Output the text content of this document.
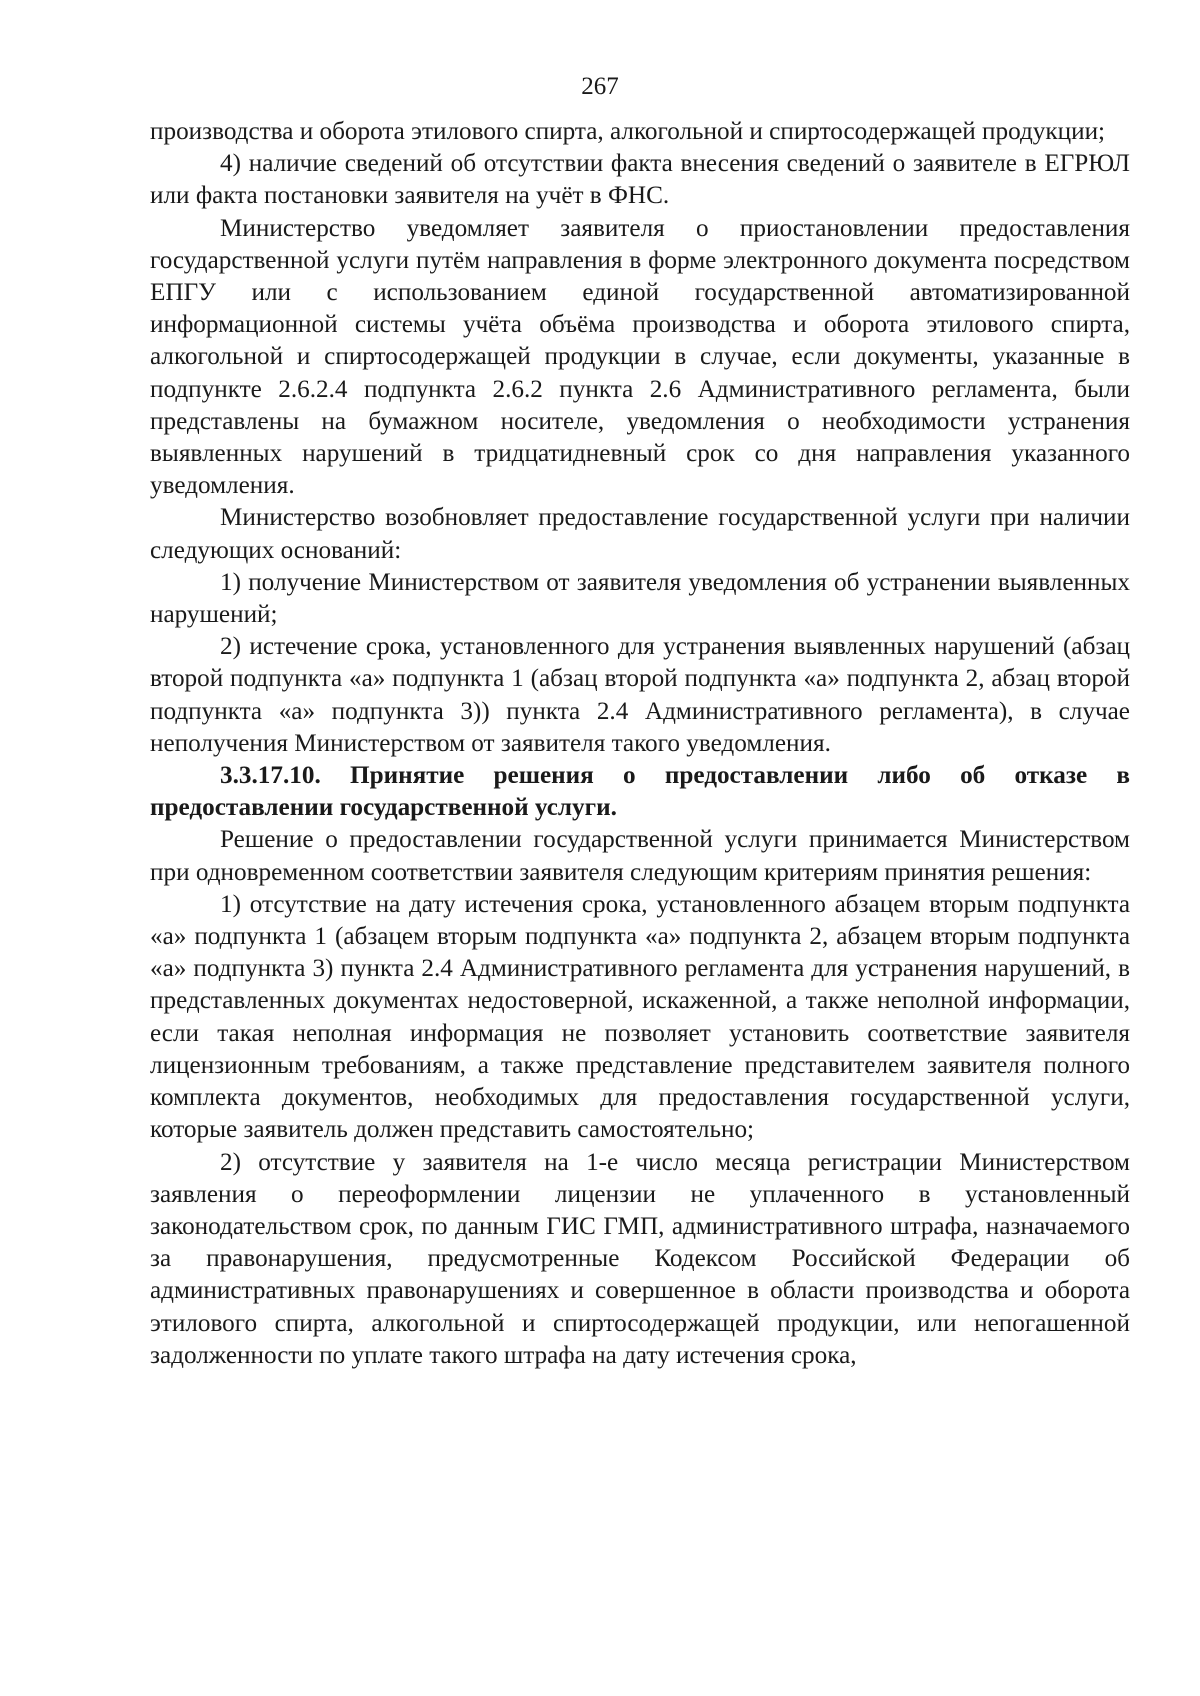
267

производства и оборота этилового спирта, алкогольной и спиртосодержащей продукции;

4) наличие сведений об отсутствии факта внесения сведений о заявителе в ЕГРЮЛ или факта постановки заявителя на учёт в ФНС.

Министерство уведомляет заявителя о приостановлении предоставления государственной услуги путём направления в форме электронного документа посредством ЕПГУ или с использованием единой государственной автоматизированной информационной системы учёта объёма производства и оборота этилового спирта, алкогольной и спиртосодержащей продукции в случае, если документы, указанные в подпункте 2.6.2.4 подпункта 2.6.2 пункта 2.6 Административного регламента, были представлены на бумажном носителе, уведомления о необходимости устранения выявленных нарушений в тридцатидневный срок со дня направления указанного уведомления.

Министерство возобновляет предоставление государственной услуги при наличии следующих оснований:

1) получение Министерством от заявителя уведомления об устранении выявленных нарушений;

2) истечение срока, установленного для устранения выявленных нарушений (абзац второй подпункта «а» подпункта 1 (абзац второй подпункта «а» подпункта 2, абзац второй подпункта «а» подпункта 3)) пункта 2.4 Административного регламента), в случае неполучения Министерством от заявителя такого уведомления.

3.3.17.10. Принятие решения о предоставлении либо об отказе в предоставлении государственной услуги.

Решение о предоставлении государственной услуги принимается Министерством при одновременном соответствии заявителя следующим критериям принятия решения:

1) отсутствие на дату истечения срока, установленного абзацем вторым подпункта «а» подпункта 1 (абзацем вторым подпункта «а» подпункта 2, абзацем вторым подпункта «а» подпункта 3) пункта 2.4 Административного регламента для устранения нарушений, в представленных документах недостоверной, искаженной, а также неполной информации, если такая неполная информация не позволяет установить соответствие заявителя лицензионным требованиям, а также представление представителем заявителя полного комплекта документов, необходимых для предоставления государственной услуги, которые заявитель должен представить самостоятельно;

2) отсутствие у заявителя на 1-е число месяца регистрации Министерством заявления о переоформлении лицензии не уплаченного в установленный законодательством срок, по данным ГИС ГМП, административного штрафа, назначаемого за правонарушения, предусмотренные Кодексом Российской Федерации об административных правонарушениях и совершенное в области производства и оборота этилового спирта, алкогольной и спиртосодержащей продукции, или непогашенной задолженности по уплате такого штрафа на дату истечения срока,
